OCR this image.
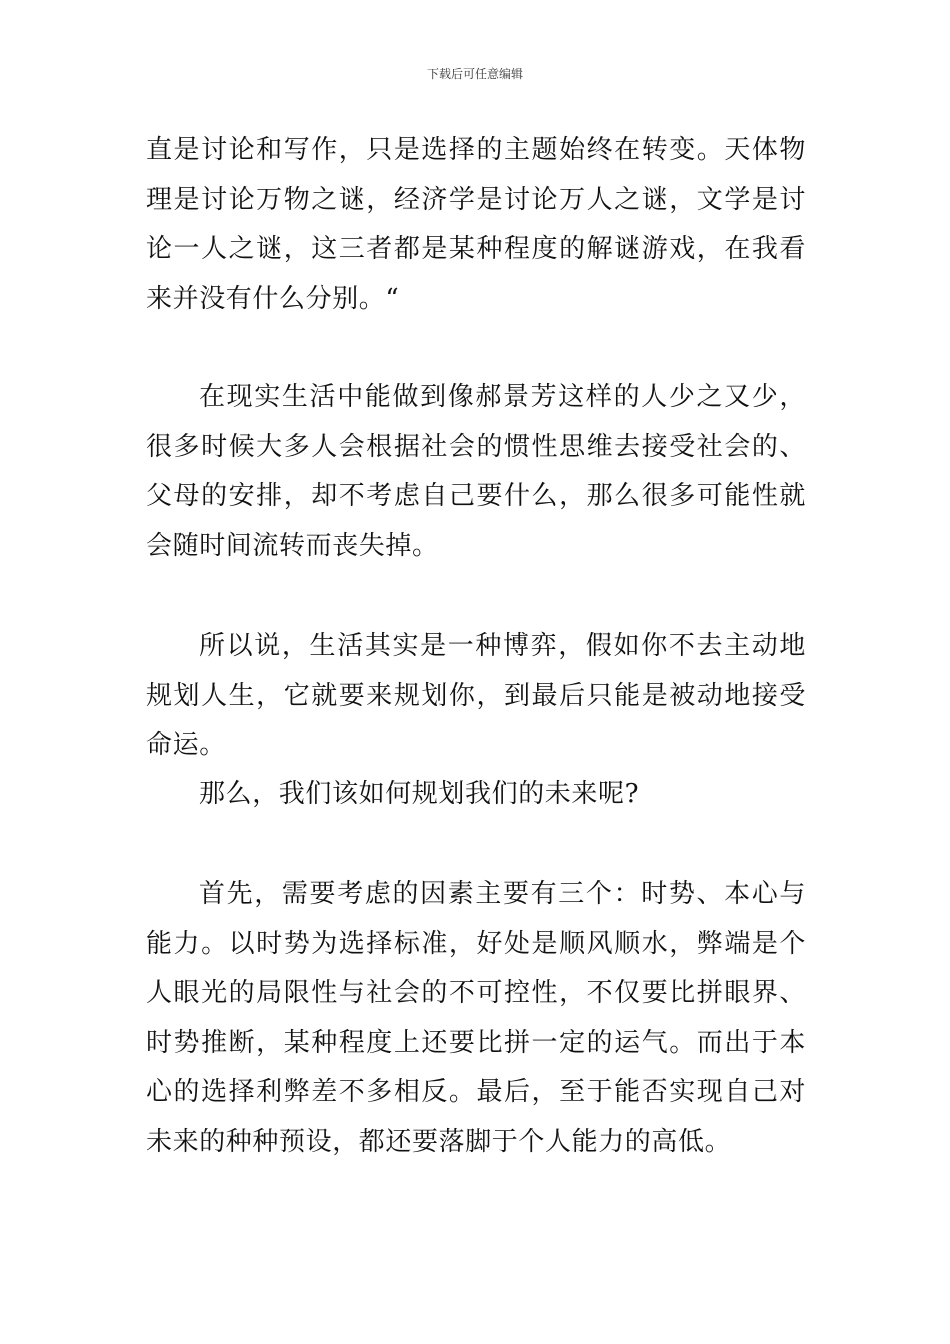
下载后可任意编辑

直是讨论和写作，只是选择的主题始终在转变。天体物理是讨论万物之谜，经济学是讨论万人之谜，文学是讨论一人之谜，这三者都是某种程度的解谜游戏，在我看来并没有什么分别。“

在现实生活中能做到像郝景芳这样的人少之又少，很多时候大多人会根据社会的惯性思维去接受社会的、父母的安排，却不考虑自己要什么，那么很多可能性就会随时间流转而丧失掉。

所以说，生活其实是一种博弈，假如你不去主动地规划人生，它就要来规划你，到最后只能是被动地接受命运。

那么，我们该如何规划我们的未来呢?

首先，需要考虑的因素主要有三个：时势、本心与能力。以时势为选择标准，好处是顺风顺水，弊端是个人眼光的局限性与社会的不可控性，不仅要比拼眼界、时势推断，某种程度上还要比拼一定的运气。而出于本心的选择利弊差不多相反。最后，至于能否实现自己对未来的种种预设，都还要落脚于个人能力的高低。
